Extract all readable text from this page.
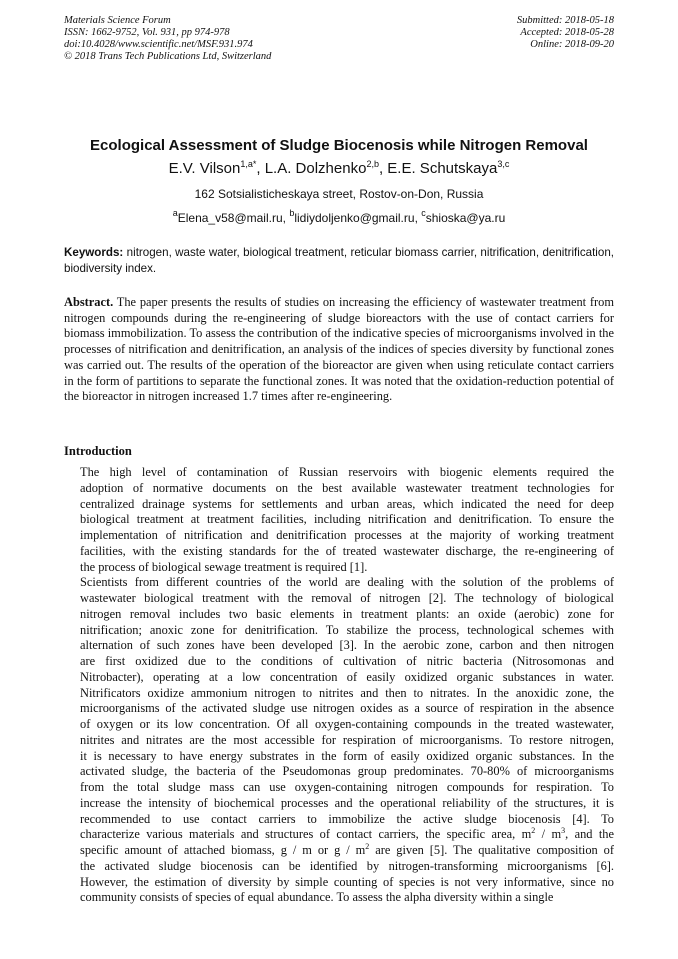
Materials Science Forum
ISSN: 1662-9752, Vol. 931, pp 974-978
doi:10.4028/www.scientific.net/MSF.931.974
© 2018 Trans Tech Publications Ltd, Switzerland
Submitted: 2018-05-18
Accepted: 2018-05-28
Online: 2018-09-20
Ecological Assessment of Sludge Biocenosis while Nitrogen Removal
E.V. Vilson$^{1,a*}$, L.A. Dolzhenko$^{2,b}$, E.E. Schutskaya$^{3,c}$
162 Sotsialisticheskaya street, Rostov-on-Don, Russia
$^a$Elena_v58@mail.ru, $^b$lidiydoljenko@gmail.ru, $^c$shioska@ya.ru
Keywords: nitrogen, waste water, biological treatment, reticular biomass carrier, nitrification, denitrification, biodiversity index.
Abstract. The paper presents the results of studies on increasing the efficiency of wastewater treatment from nitrogen compounds during the re-engineering of sludge bioreactors with the use of contact carriers for biomass immobilization. To assess the contribution of the indicative species of microorganisms involved in the processes of nitrification and denitrification, an analysis of the indices of species diversity by functional zones was carried out. The results of the operation of the bioreactor are given when using reticulate contact carriers in the form of partitions to separate the functional zones. It was noted that the oxidation-reduction potential of the bioreactor in nitrogen increased 1.7 times after re-engineering.
Introduction

The high level of contamination of Russian reservoirs with biogenic elements required the
adoption of normative documents on the best available wastewater treatment technologies for
centralized drainage systems for settlements and urban areas, which indicated the need for deep
biological treatment at treatment facilities, including nitrification and denitrification. To ensure the
implementation of nitrification and denitrification processes at the majority of working treatment
facilities, with the existing standards for the of treated wastewater discharge, the re-engineering of
the process of biological sewage treatment is required [1].

Scientists from different countries of the world are dealing with the solution of the problems of
wastewater biological treatment with the removal of nitrogen [2]. The technology of biological
nitrogen removal includes two basic elements in treatment plants: an oxide (aerobic) zone for
nitrification; anoxic zone for denitrification. To stabilize the process, technological schemes with
alternation of such zones have been developed [3]. In the aerobic zone, carbon and then nitrogen
are first oxidized due to the conditions of cultivation of nitric bacteria (Nitrosomonas and
Nitrobacter), operating at a low concentration of easily oxidized organic substances in water.
Nitrificators oxidize ammonium nitrogen to nitrites and then to nitrates. In the anoxidic zone, the
microorganisms of the activated sludge use nitrogen oxides as a source of respiration in the absence
of oxygen or its low concentration. Of all oxygen-containing compounds in the treated wastewater,
nitrites and nitrates are the most accessible for respiration of microorganisms. To restore nitrogen,
it is necessary to have energy substrates in the form of easily oxidized organic substances. In the
activated sludge, the bacteria of the Pseudomonas group predominates. 70-80% of microorganisms
from the total sludge mass can use oxygen-containing nitrogen compounds for respiration. To
increase the intensity of biochemical processes and the operational reliability of the structures, it is
recommended to use contact carriers to immobilize the active sludge biocenosis [4]. To
characterize various materials and structures of contact carriers, the specific area, $m^2 / m^3$, and the
specific amount of attached biomass, g / m or g / $m^2$ are given [5]. The qualitative composition of
the activated sludge biocenosis can be identified by nitrogen-transforming microorganisms [6].
However, the estimation of diversity by simple counting of species is not very informative, since no
community consists of species of equal abundance. To assess the alpha diversity within a single
